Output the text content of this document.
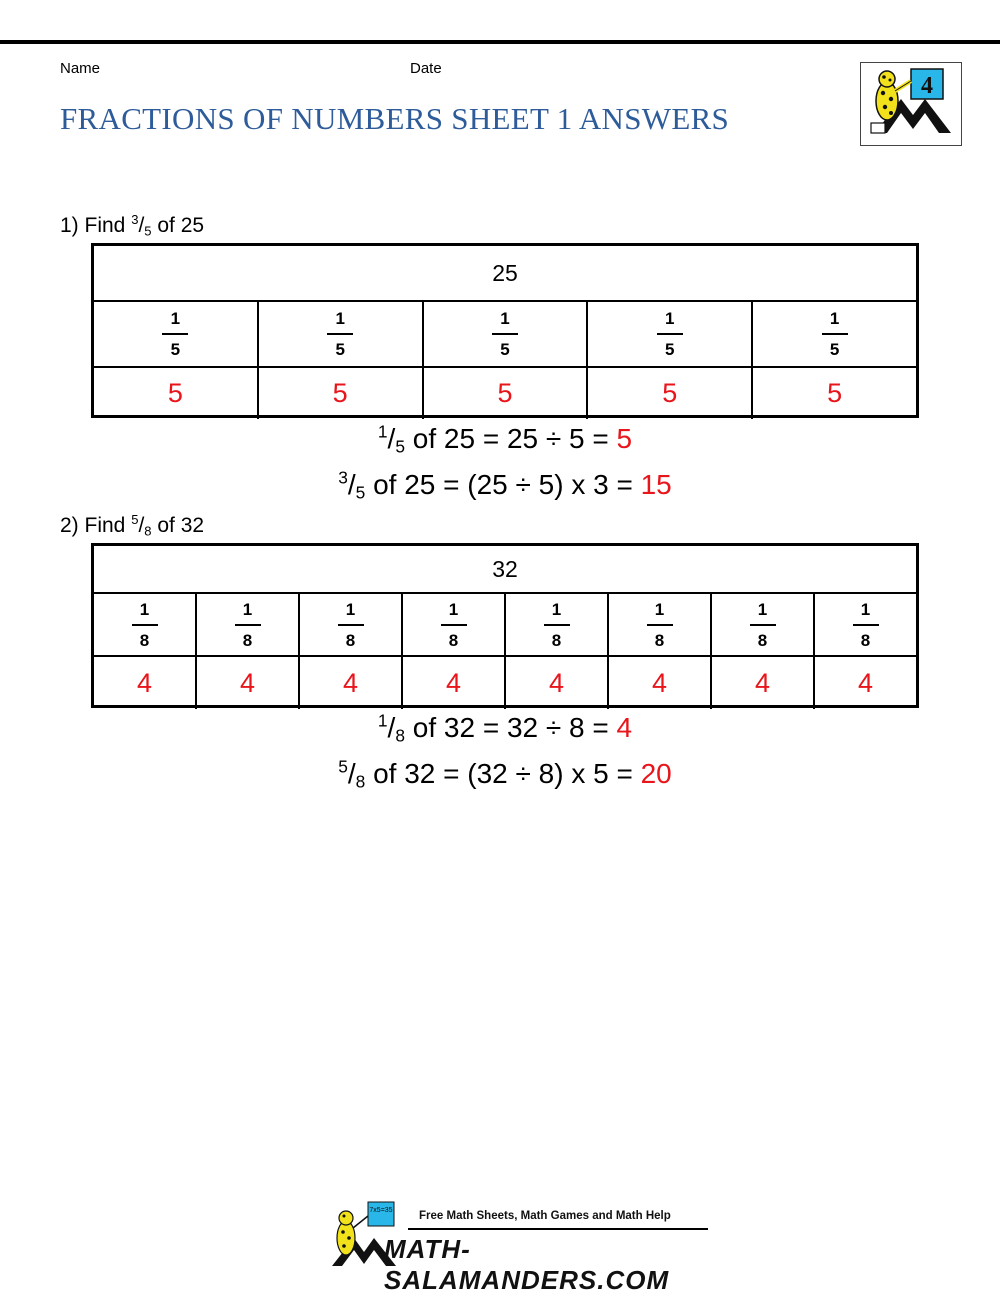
Name	Date
FRACTIONS OF NUMBERS SHEET 1 ANSWERS
4
1) Find $^3/_5$ of 25
25
$\frac{1}{5}$	$\frac{1}{5}$	$\frac{1}{5}$	$\frac{1}{5}$	$\frac{1}{5}$
5	5	5	5	5
$^1/_5$ of 25 = 25 ÷ 5 = 5
$^3/_5$ of 25 = (25 ÷ 5) x 3 = 15
2) Find $^5/_8$ of 32
32
$\frac{1}{8}$	$\frac{1}{8}$	$\frac{1}{8}$	$\frac{1}{8}$	$\frac{1}{8}$	$\frac{1}{8}$	$\frac{1}{8}$	$\frac{1}{8}$
4	4	4	4	4	4	4	4
$^1/_8$ of 32 = 32 ÷ 8 = 4
$^5/_8$ of 32 = (32 ÷ 8) x 5 = 20
7x5=35 Free Math Sheets, Math Games and Math Help
MATH-SALAMANDERS.COM
